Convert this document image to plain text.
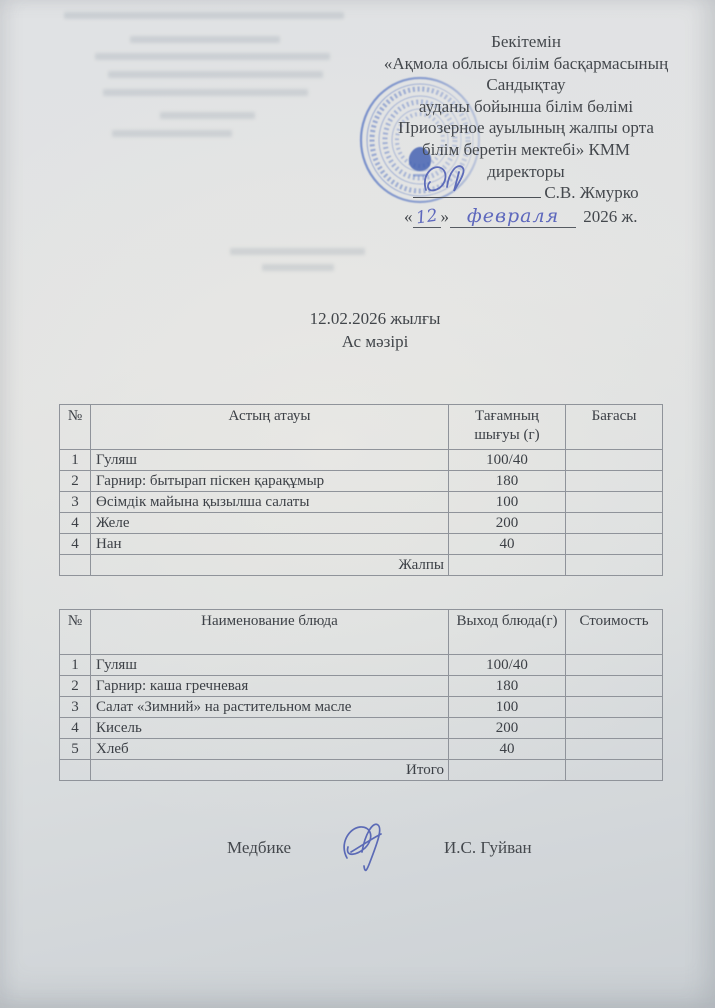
Бекітемін
«Ақмола облысы білім басқармасының
Сандықтау
ауданы бойынша білім бөлімі
Приозерное ауылының жалпы орта
білім беретін мектебі» КММ
директоры
С.В. Жмурко
« 12 » февраля 2026 ж.
12.02.2026 жылғы
Ас мәзірі
№	Астың атауы	Тағамның шығуы (г)	Бағасы
1	Гуляш	100/40	
2	Гарнир: бытырап піскен қарақұмыр	180	
3	Өсімдік майына қызылша салаты	100	
4	Желе	200	
4	Нан	40	
	Жалпы		
№	Наименование блюда	Выход блюда(г)	Стоимость
1	Гуляш	100/40	
2	Гарнир: каша гречневая	180	
3	Салат «Зимний» на растительном масле	100	
4	Кисель	200	
5	Хлеб	40	
	Итого		
Медбике	И.С. Гуйван
